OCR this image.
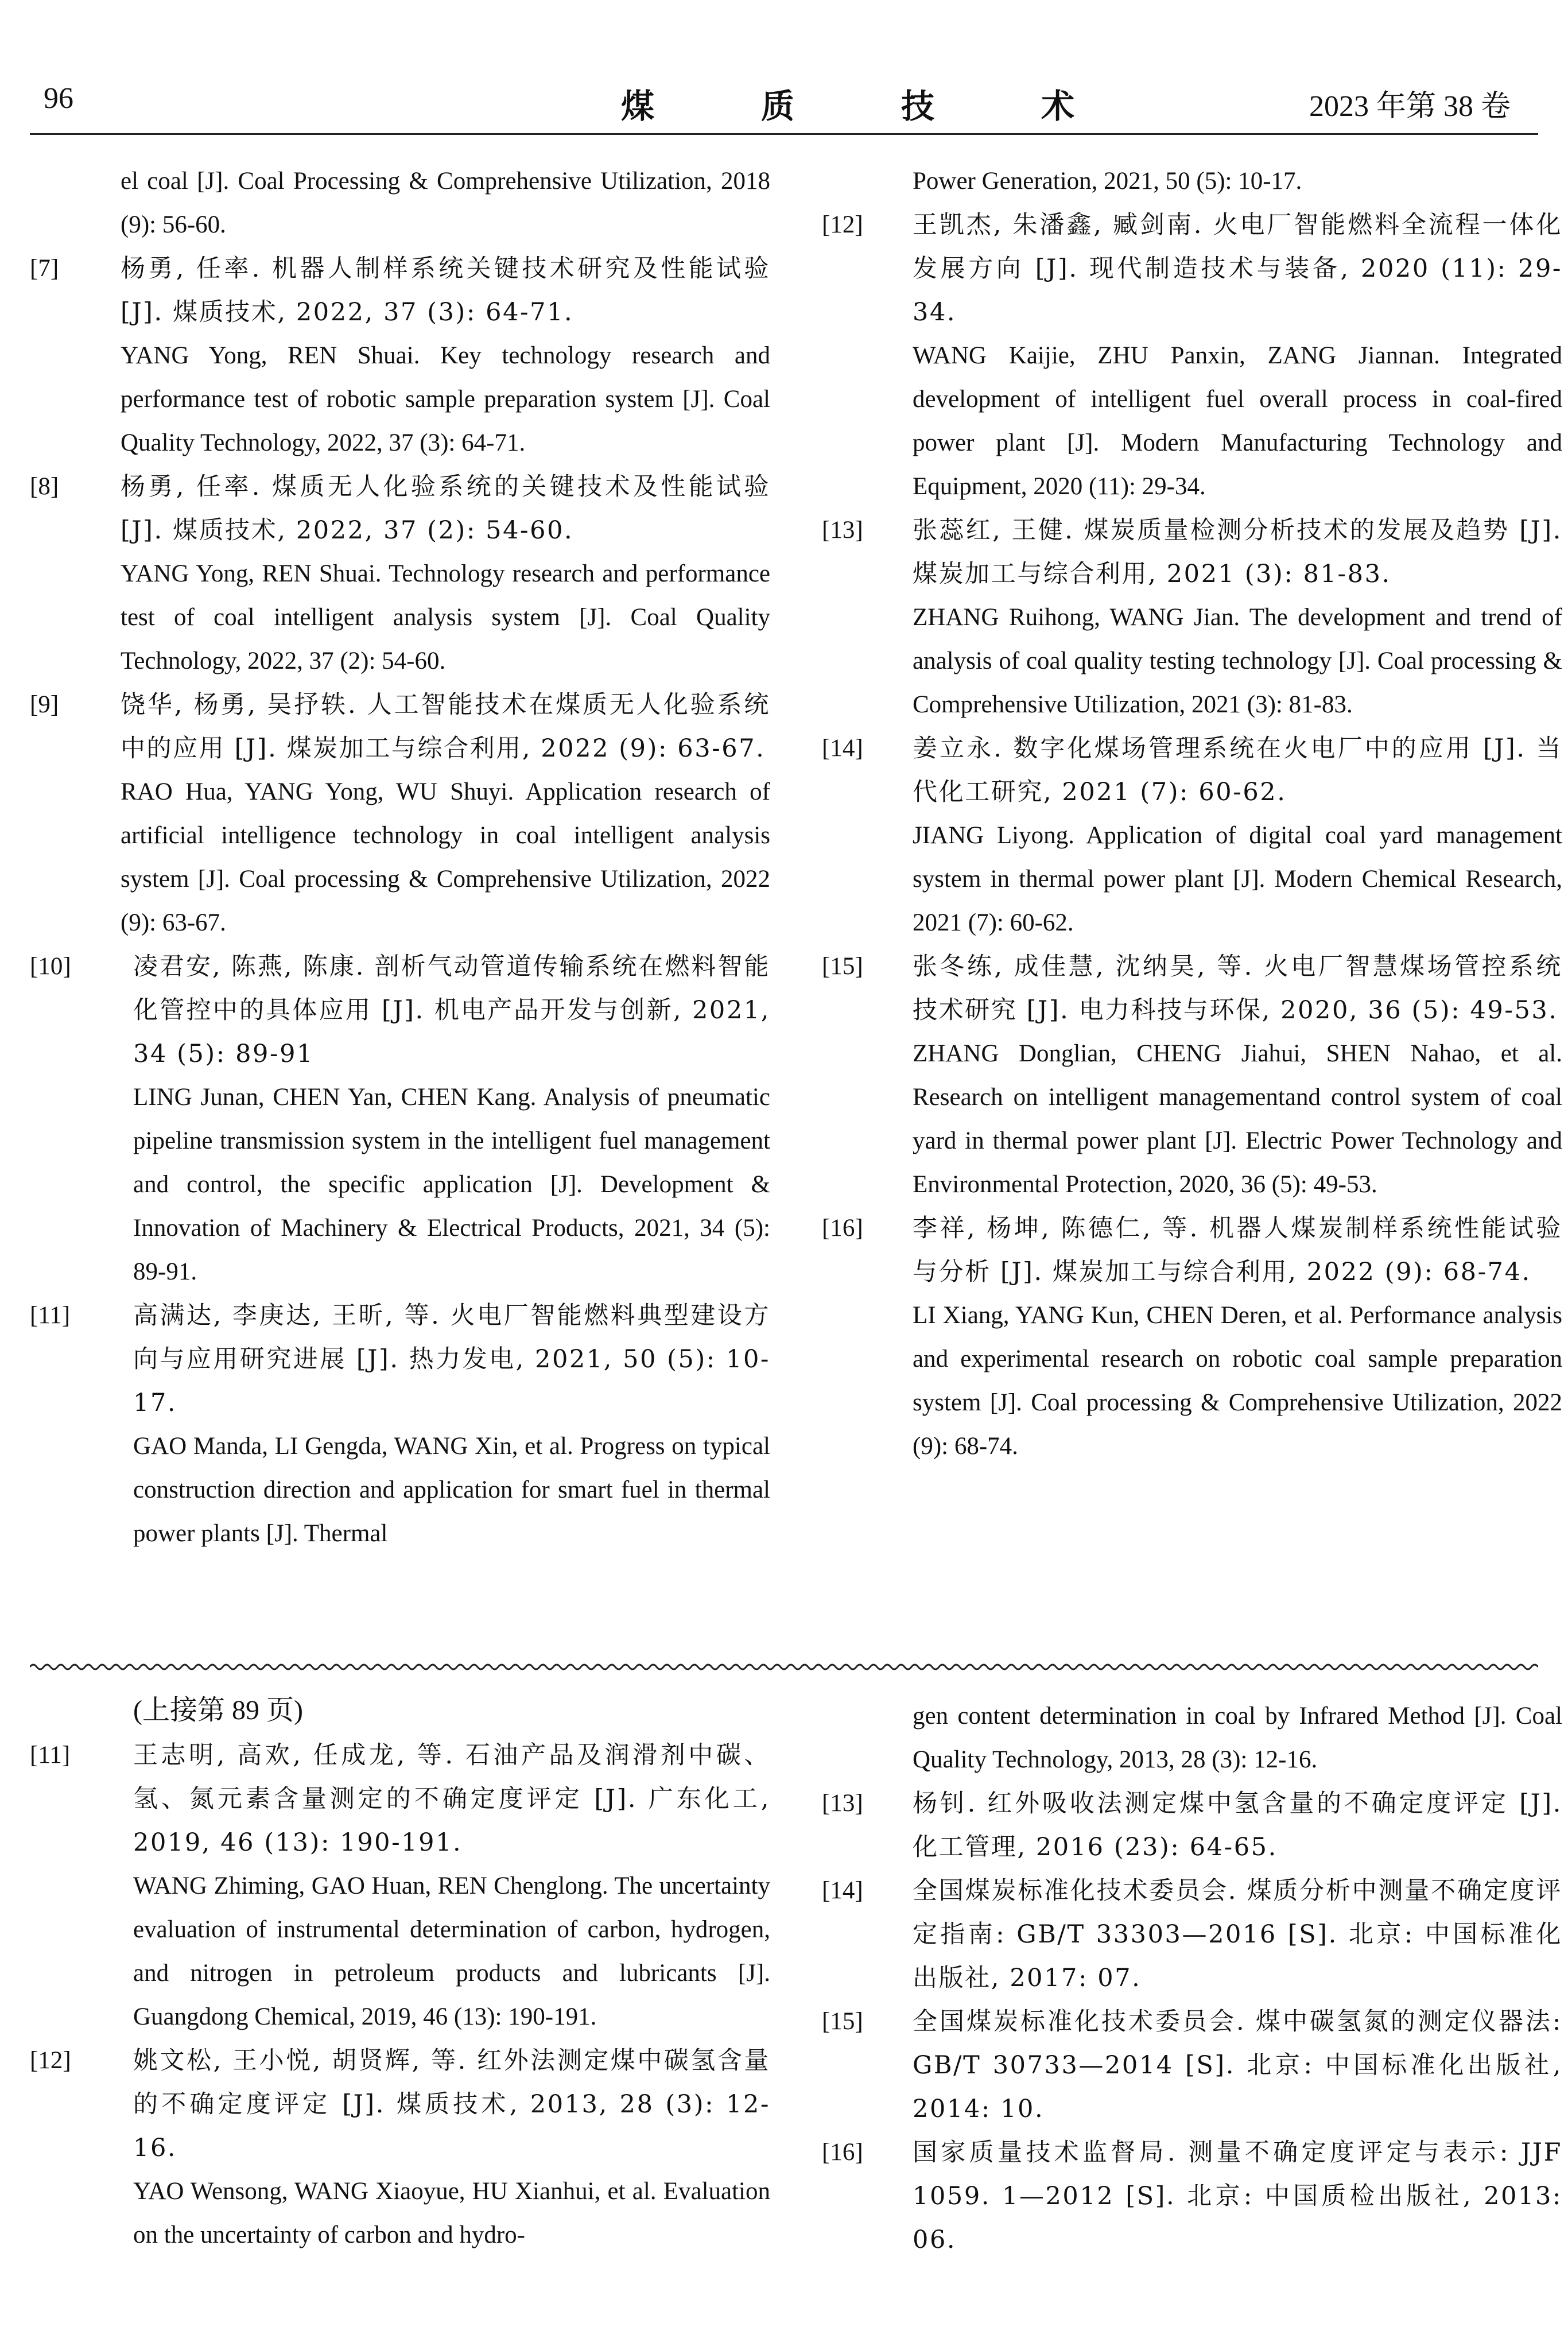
96	煤	质	技	术	2023 年第 38 卷
el coal [J]. Coal Processing & Comprehensive Utilization, 2018 (9): 56-60.
[7]	杨勇, 任率. 机器人制样系统关键技术研究及性能试验 [J]. 煤质技术, 2022, 37 (3): 64-71.
YANG Yong, REN Shuai. Key technology research and performance test of robotic sample preparation system [J]. Coal Quality Technology, 2022, 37 (3): 64-71.
[8]	杨勇, 任率. 煤质无人化验系统的关键技术及性能试验 [J]. 煤质技术, 2022, 37 (2): 54-60.
YANG Yong, REN Shuai. Technology research and performance test of coal intelligent analysis system [J]. Coal Quality Technology, 2022, 37 (2): 54-60.
[9]	饶华, 杨勇, 吴抒轶. 人工智能技术在煤质无人化验系统中的应用 [J]. 煤炭加工与综合利用, 2022 (9): 63-67.
RAO Hua, YANG Yong, WU Shuyi. Application research of artificial intelligence technology in coal intelligent analysis system [J]. Coal processing & Comprehensive Utilization, 2022 (9): 63-67.
[10]	凌君安, 陈燕, 陈康. 剖析气动管道传输系统在燃料智能化管控中的具体应用 [J]. 机电产品开发与创新, 2021, 34 (5): 89-91
LING Junan, CHEN Yan, CHEN Kang. Analysis of pneumatic pipeline transmission system in the intelligent fuel management and control, the specific application [J]. Development & Innovation of Machinery & Electrical Products, 2021, 34 (5): 89-91.
[11]	高满达, 李庚达, 王昕, 等. 火电厂智能燃料典型建设方向与应用研究进展 [J]. 热力发电, 2021, 50 (5): 10-17.
GAO Manda, LI Gengda, WANG Xin, et al. Progress on typical construction direction and application for smart fuel in thermal power plants [J]. Thermal
Power Generation, 2021, 50 (5): 10-17.
[12] 王凯杰, 朱潘鑫, 臧剑南. 火电厂智能燃料全流程一体化发展方向 [J]. 现代制造技术与装备, 2020 (11): 29-34.
WANG Kaijie, ZHU Panxin, ZANG Jiannan. Integrated development of intelligent fuel overall process in coal-fired power plant [J]. Modern Manufacturing Technology and Equipment, 2020 (11): 29-34.
[13] 张蕊红, 王健. 煤炭质量检测分析技术的发展及趋势 [J]. 煤炭加工与综合利用, 2021 (3): 81-83.
ZHANG Ruihong, WANG Jian. The development and trend of analysis of coal quality testing technology [J]. Coal processing & Comprehensive Utilization, 2021 (3): 81-83.
[14] 姜立永. 数字化煤场管理系统在火电厂中的应用 [J]. 当代化工研究, 2021 (7): 60-62.
JIANG Liyong. Application of digital coal yard management system in thermal power plant [J]. Modern Chemical Research, 2021 (7): 60-62.
[15] 张冬练, 成佳慧, 沈纳昊, 等. 火电厂智慧煤场管控系统技术研究 [J]. 电力科技与环保, 2020, 36 (5): 49-53.
ZHANG Donglian, CHENG Jiahui, SHEN Nahao, et al. Research on intelligent managementand control system of coal yard in thermal power plant [J]. Electric Power Technology and Environmental Protection, 2020, 36 (5): 49-53.
[16] 李祥, 杨坤, 陈德仁, 等. 机器人煤炭制样系统性能试验与分析 [J]. 煤炭加工与综合利用, 2022 (9): 68-74.
LI Xiang, YANG Kun, CHEN Deren, et al. Performance analysis and experimental research on robotic coal sample preparation system [J]. Coal processing & Comprehensive Utilization, 2022 (9): 68-74.
(上接第 89 页)
[11]	王志明, 高欢, 任成龙, 等. 石油产品及润滑剂中碳、氢、氮元素含量测定的不确定度评定 [J]. 广东化工, 2019, 46 (13): 190-191.
WANG Zhiming, GAO Huan, REN Chenglong. The uncertainty evaluation of instrumental determination of carbon, hydrogen, and nitrogen in petroleum products and lubricants [J]. Guangdong Chemical, 2019, 46 (13): 190-191.
[12]	姚文松, 王小悦, 胡贤辉, 等. 红外法测定煤中碳氢含量的不确定度评定 [J]. 煤质技术, 2013, 28 (3): 12-16.
YAO Wensong, WANG Xiaoyue, HU Xianhui, et al. Evaluation on the uncertainty of carbon and hydro-
gen content determination in coal by Infrared Method [J]. Coal Quality Technology, 2013, 28 (3): 12-16.
[13] 杨钊. 红外吸收法测定煤中氢含量的不确定度评定 [J]. 化工管理, 2016 (23): 64-65.
[14] 全国煤炭标准化技术委员会. 煤质分析中测量不确定度评定指南: GB/T 33303—2016 [S]. 北京: 中国标准化出版社, 2017: 07.
[15] 全国煤炭标准化技术委员会. 煤中碳氢氮的测定仪器法: GB/T 30733—2014 [S]. 北京: 中国标准化出版社, 2014: 10.
[16] 国家质量技术监督局. 测量不确定度评定与表示: JJF 1059. 1—2012 [S]. 北京: 中国质检出版社, 2013: 06.
